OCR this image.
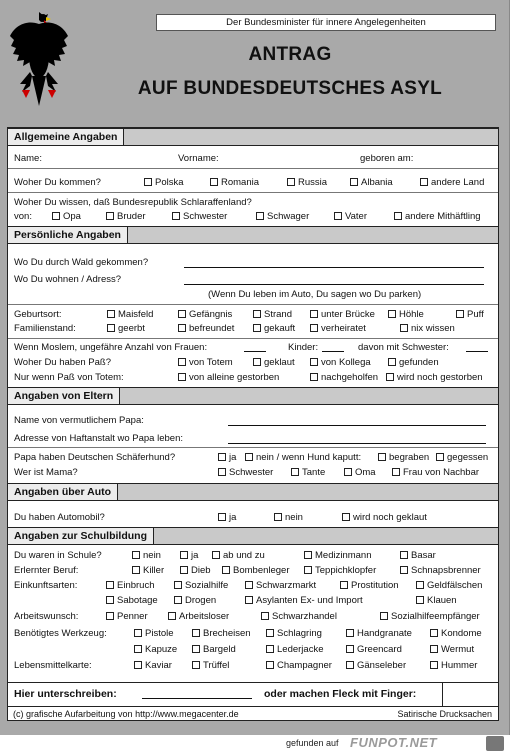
Der Bundesminister für innere Angelegenheiten
ANTRAG
AUF BUNDESDEUTSCHES ASYL
Allgemeine Angaben
Name:	Vorname:	geboren am:
Woher Du kommen?	Polska	Romania	Russia	Albania	andere Land
Woher Du wissen, daß Bundesrepublik Schlaraffenland?
von:	Opa	Bruder	Schwester	Schwager	Vater	andere Mithäftling
Persönliche Angaben
Wo Du durch Wald gekommen?
Wo Du wohnen / Adress?
(Wenn Du leben im Auto, Du sagen wo Du parken)
Geburtsort:	Maisfeld	Gefängnis	Strand	unter Brücke	Höhle	Puff
Familienstand:	geerbt	befreundet	gekauft	verheiratet	nix wissen
Wenn Moslem, ungefähre Anzahl von Frauen:	Kinder:	davon mit Schwester:
Woher Du haben Paß?	von Totem	geklaut	von Kollega	gefunden
Nur wenn Paß von Totem:	von alleine gestorben	nachgeholfen	wird noch gestorben
Angaben von Eltern
Name von vermutlichem Papa:
Adresse von Haftanstalt wo Papa leben:
Papa haben Deutschen Schäferhund?	ja	nein / wenn Hund kaputt:	begraben	gegessen
Wer ist Mama?	Schwester	Tante	Oma	Frau von Nachbar
Angaben über Auto
Du haben Automobil?	ja	nein	wird noch geklaut
Angaben zur Schulbildung
Du waren in Schule?	nein	ja	ab und zu	Medizinmann	Basar
Erlernter Beruf:	Killer	Dieb	Bombenleger	Teppichklopfer	Schnapsbrenner
Einkunftsarten:	Einbruch	Sozialhilfe	Schwarzmarkt	Prostitution	Geldfälschen
Sabotage	Drogen	Asylanten Ex- und Import	Klauen
Arbeitswunsch:	Penner	Arbeitsloser	Schwarzhandel	Sozialhilfeempfänger
Benötigtes Werkzeug:	Pistole	Brecheisen	Schlagring	Handgranate	Kondome
Kapuze	Bargeld	Lederjacke	Greencard	Wermut
Lebensmittelkarte:	Kaviar	Trüffel	Champagner	Gänseleber	Hummer
Hier unterschreiben:	oder machen Fleck mit Finger:
(c) grafische Aufarbeitung von http://www.megacenter.de	Satirische Drucksachen
gefunden auf FUNPOT.NET
